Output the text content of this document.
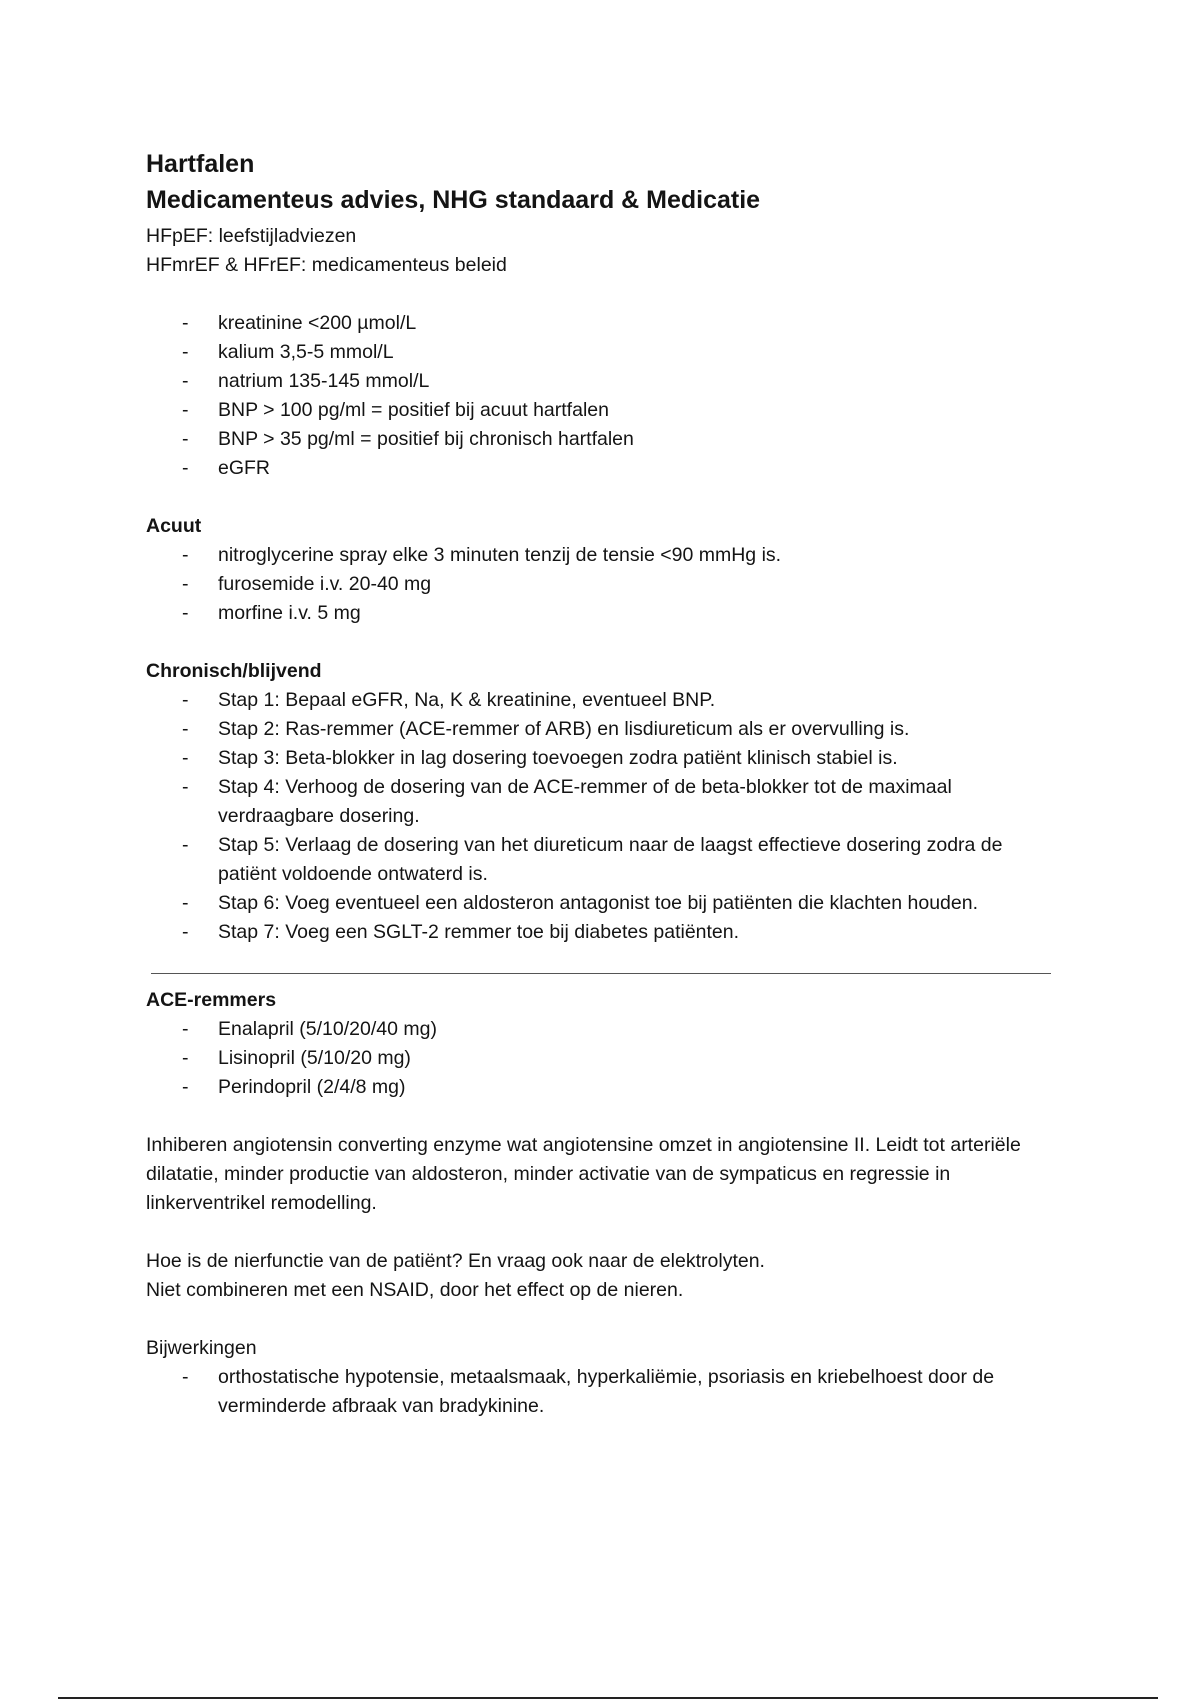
Hartfalen
Medicamenteus advies, NHG standaard & Medicatie

HFpEF: leefstijladviezen

HFmrEF & HFrEF: medicamenteus beleid

- kreatinine <200 µmol/L
- kalium 3,5-5 mmol/L
- natrium 135-145 mmol/L
- BNP > 100 pg/ml = positief bij acuut hartfalen
- BNP > 35 pg/ml = positief bij chronisch hartfalen
- eGFR

Acuut

- nitroglycerine spray elke 3 minuten tenzij de tensie <90 mmHg is.
- furosemide i.v. 20-40 mg
- morfine i.v. 5 mg

Chronisch/blijvend

- Stap 1: Bepaal eGFR, Na, K & kreatinine, eventueel BNP.
- Stap 2: Ras-remmer (ACE-remmer of ARB) en lisdiureticum als er overvulling is.
- Stap 3: Beta-blokker in lag dosering toevoegen zodra patiënt klinisch stabiel is.
- Stap 4: Verhoog de dosering van de ACE-remmer of de beta-blokker tot de maximaal verdraagbare dosering.
- Stap 5: Verlaag de dosering van het diureticum naar de laagst effectieve dosering zodra de patiënt voldoende ontwaterd is.
- Stap 6: Voeg eventueel een aldosteron antagonist toe bij patiënten die klachten houden.
- Stap 7: Voeg een SGLT-2 remmer toe bij diabetes patiënten.

ACE-remmers

- Enalapril (5/10/20/40 mg)
- Lisinopril (5/10/20 mg)
- Perindopril (2/4/8 mg)

Inhiberen angiotensin converting enzyme wat angiotensine omzet in angiotensine II. Leidt tot arteriële dilatatie, minder productie van aldosteron, minder activatie van de sympaticus en regressie in linkerventrikel remodelling.

Hoe is de nierfunctie van de patiënt? En vraag ook naar de elektrolyten.

Niet combineren met een NSAID, door het effect op de nieren.

Bijwerkingen

- orthostatische hypotensie, metaalsmaak, hyperkaliëmie, psoriasis en kriebelhoest door de verminderde afbraak van bradykinine.
